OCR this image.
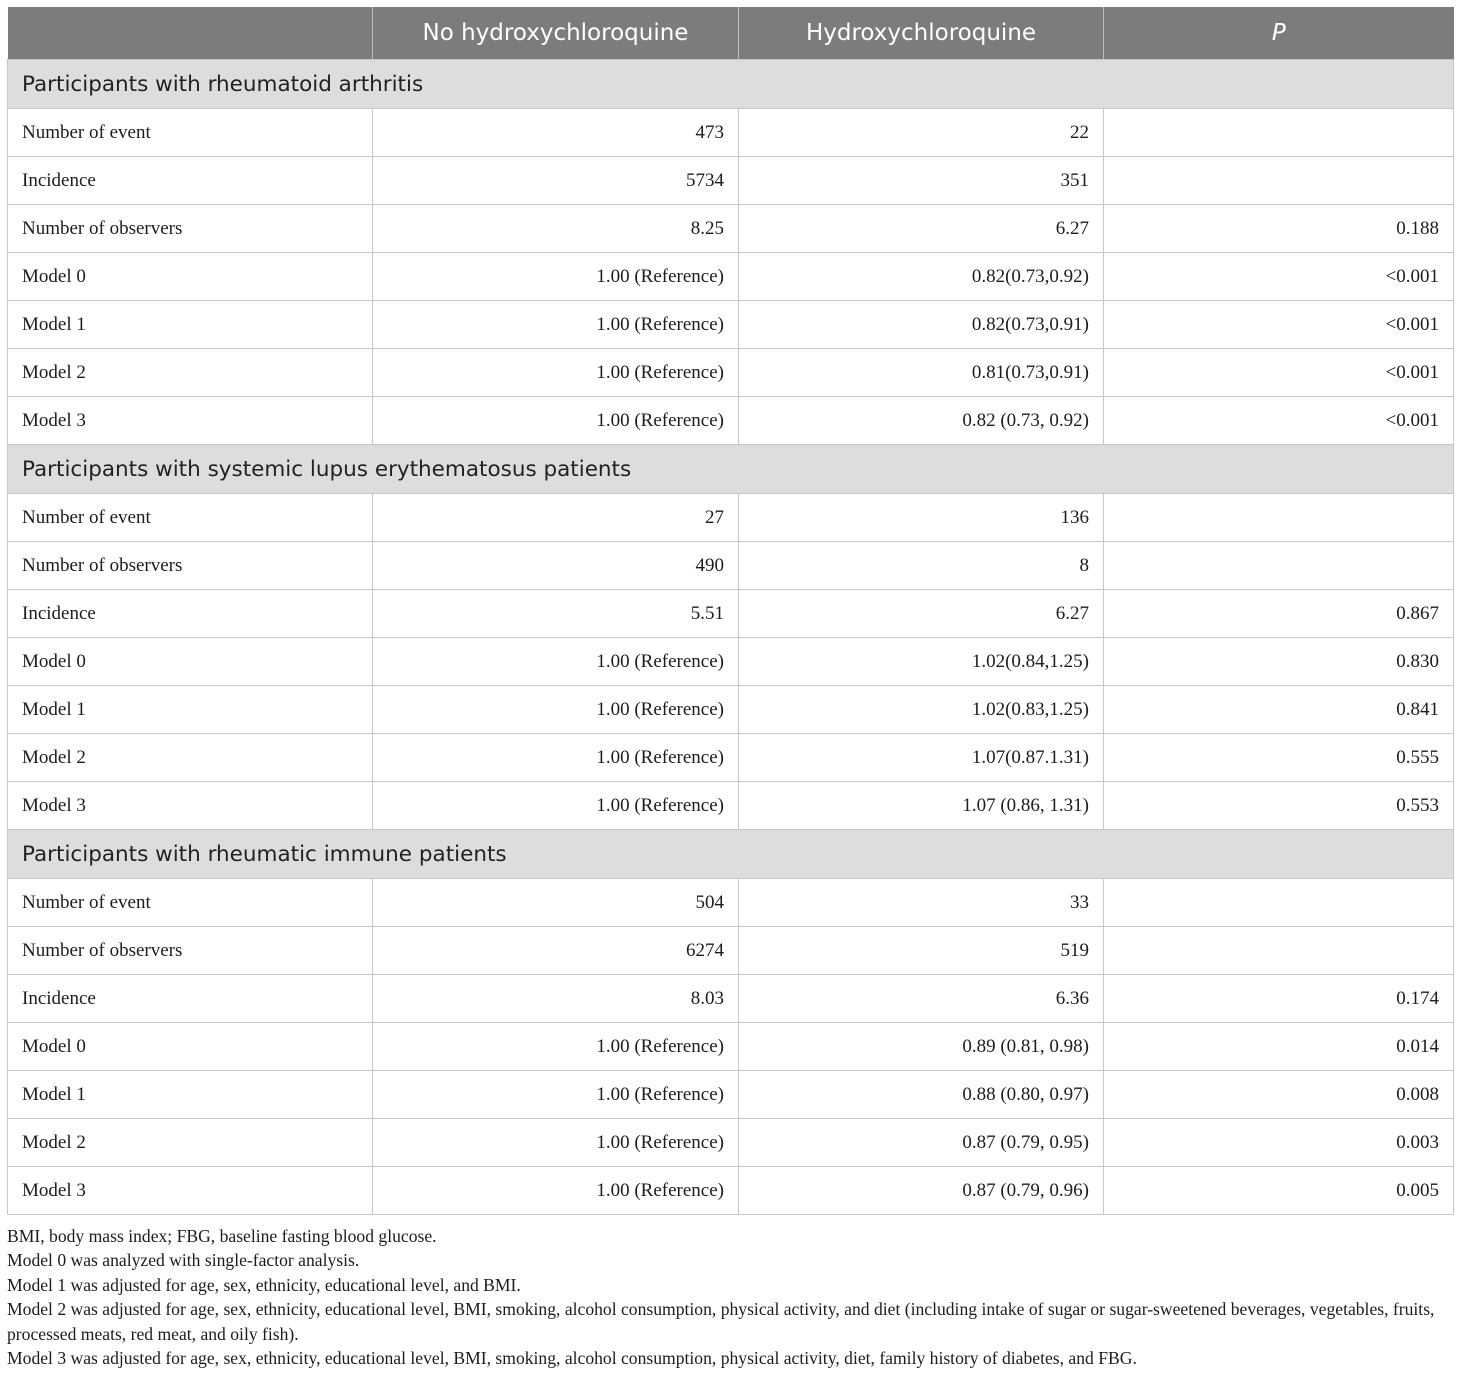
	No hydroxychloroquine	Hydroxychloroquine	P
Participants with rheumatoid arthritis			
Number of event	473	22	
Incidence	5734	351	
Number of observers	8.25	6.27	0.188
Model 0	1.00 (Reference)	0.82(0.73,0.92)	<0.001
Model 1	1.00 (Reference)	0.82(0.73,0.91)	<0.001
Model 2	1.00 (Reference)	0.81(0.73,0.91)	<0.001
Model 3	1.00 (Reference)	0.82 (0.73, 0.92)	<0.001
Participants with systemic lupus erythematosus patients			
Number of event	27	136	
Number of observers	490	8	
Incidence	5.51	6.27	0.867
Model 0	1.00 (Reference)	1.02(0.84,1.25)	0.830
Model 1	1.00 (Reference)	1.02(0.83,1.25)	0.841
Model 2	1.00 (Reference)	1.07(0.87.1.31)	0.555
Model 3	1.00 (Reference)	1.07 (0.86, 1.31)	0.553
Participants with rheumatic immune patients			
Number of event	504	33	
Number of observers	6274	519	
Incidence	8.03	6.36	0.174
Model 0	1.00 (Reference)	0.89 (0.81, 0.98)	0.014
Model 1	1.00 (Reference)	0.88 (0.80, 0.97)	0.008
Model 2	1.00 (Reference)	0.87 (0.79, 0.95)	0.003
Model 3	1.00 (Reference)	0.87 (0.79, 0.96)	0.005

BMI, body mass index; FBG, baseline fasting blood glucose.

Model 0 was analyzed with single-factor analysis.

Model 1 was adjusted for age, sex, ethnicity, educational level, and BMI.

Model 2 was adjusted for age, sex, ethnicity, educational level, BMI, smoking, alcohol consumption, physical activity, and diet (including intake of sugar or sugar-sweetened beverages, vegetables, fruits, processed meats, red meat, and oily fish).

Model 3 was adjusted for age, sex, ethnicity, educational level, BMI, smoking, alcohol consumption, physical activity, diet, family history of diabetes, and FBG.
